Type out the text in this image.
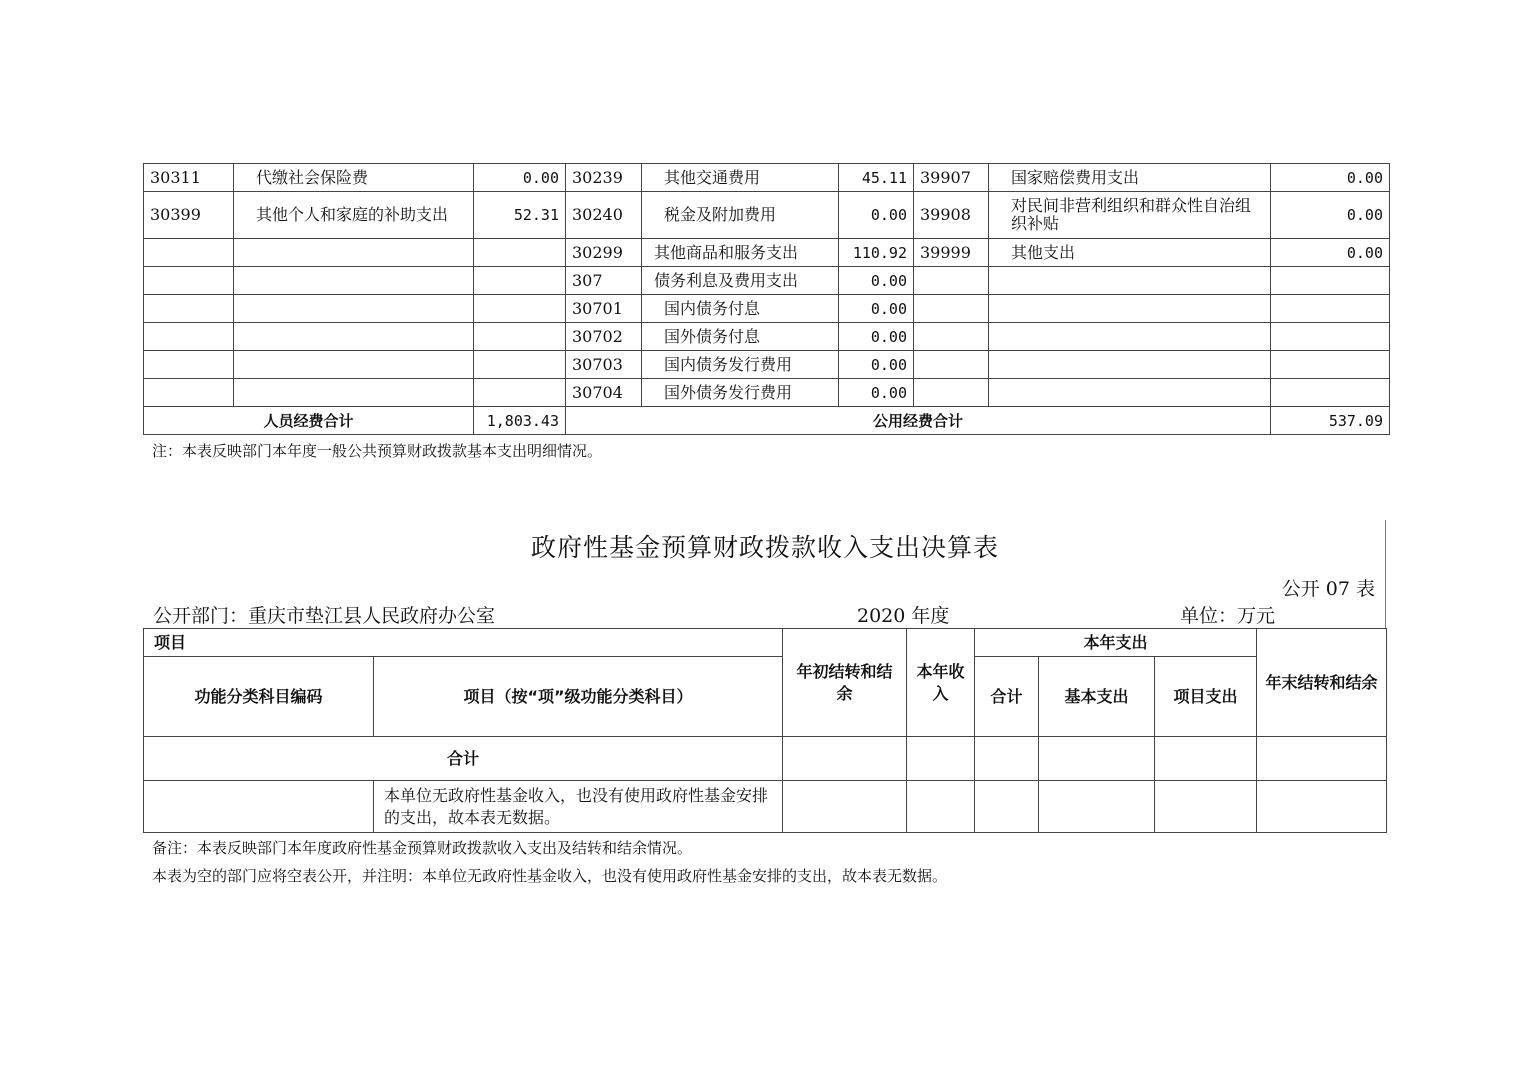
30311	代缴社会保险费	0.00	30239	其他交通费用	45.11	39907	国家赔偿费用支出	0.00
30399	其他个人和家庭的补助支出	52.31	30240	税金及附加费用	0.00	39908	对民间非营利组织和群众性自治组织补贴	0.00
			30299	其他商品和服务支出	110.92	39999	其他支出	0.00
			307	债务利息及费用支出	0.00			
			30701	国内债务付息	0.00			
			30702	国外债务付息	0.00			
			30703	国内债务发行费用	0.00			
			30704	国外债务发行费用	0.00			
人员经费合计		1,803.43	公用经费合计					537.09
注：本表反映部门本年度一般公共预算财政拨款基本支出明细情况。
政府性基金预算财政拨款收入支出决算表
公开 07 表
公开部门：重庆市垫江县人民政府办公室	2020 年度	单位：万元
项目		年初结转和结余	本年收入	本年支出			年末结转和结余
功能分类科目编码	项目（按“项”级功能分类科目）			合计	基本支出	项目支出	
合计							
	本单位无政府性基金收入，也没有使用政府性基金安排的支出，故本表无数据。						
备注：本表反映部门本年度政府性基金预算财政拨款收入支出及结转和结余情况。
本表为空的部门应将空表公开，并注明：本单位无政府性基金收入，也没有使用政府性基金安排的支出，故本表无数据。
